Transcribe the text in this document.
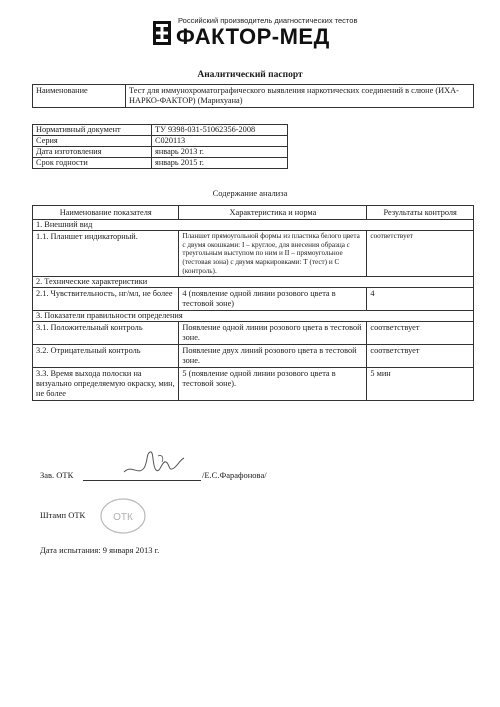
Российский производитель диагностических тестов
ФАКТОР-МЕД
Аналитический паспорт
Наименование	Тест для иммунохроматографического выявления наркотических соединений в слюне (ИХА-НАРКО-ФАКТОР) (Марихуана)
Нормативный документ	ТУ 9398-031-51062356-2008
Серия	С020113
Дата изготовления	январь 2013 г.
Срок годности	январь 2015 г.
Содержание анализа
Наименование показателя	Характеристика и норма	Результаты контроля
1. Внешний вид		
1.1. Планшет индикаторный.	Планшет прямоугольной формы из пластика белого цвета с двумя окошками: I – круглое, для внесения образца с треугольным выступом по ним и II – прямоугольное (тестовая зона) с двумя маркировками: Т (тест) и С (контроль).	соответствует
2. Технические характеристики		
2.1. Чувствительность, нг/мл, не более	4 (появление одной линии розового цвета в тестовой зоне)	4
3. Показатели правильности определения		
3.1. Положительный контроль	Появление одной линии розового цвета в тестовой зоне.	соответствует
3.2. Отрицательный контроль	Появление двух линий розового цвета в тестовой зоне.	соответствует
3.3. Время выхода полоски на визуально определяемую окраску, мин, не более	5 (появление одной линии розового цвета в тестовой зоне).	5 мин
Зав. ОТК	/Е.С.Фарафонова/
Штамп ОТК	ОТК
Дата испытания: 9 января 2013 г.
